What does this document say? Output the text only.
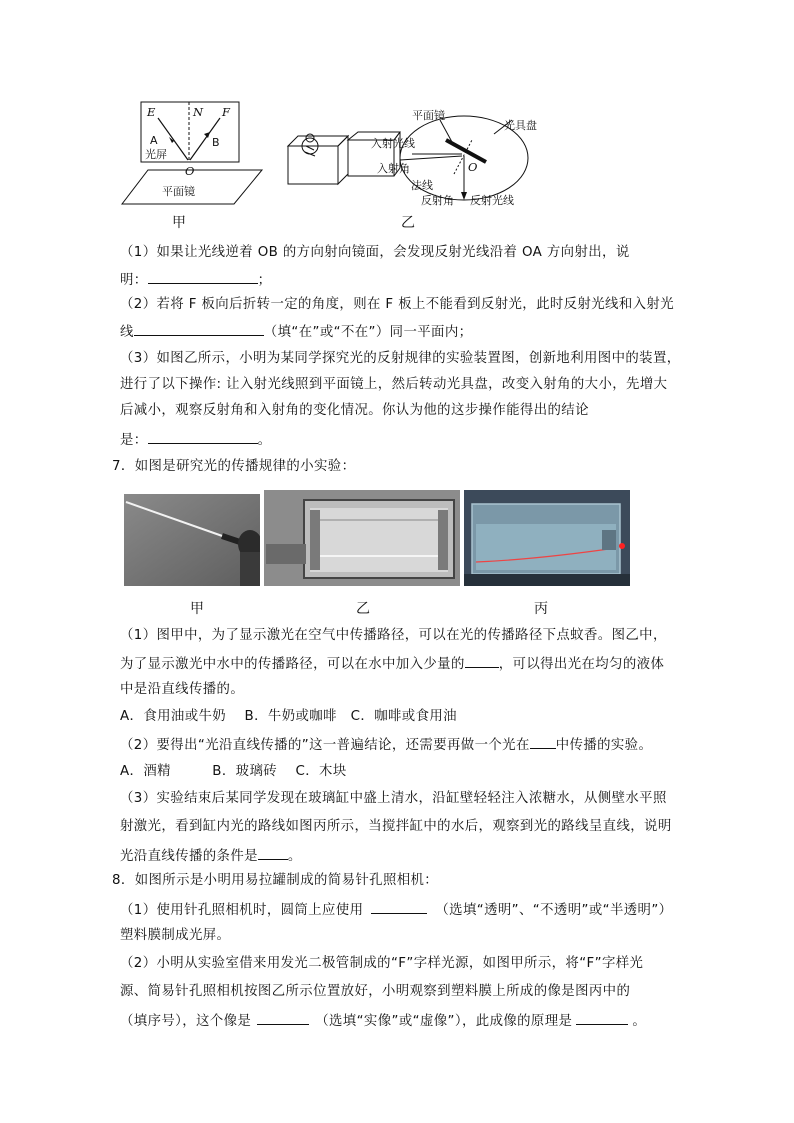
E	N F
A	B
光屏
O
平面镜
甲
平面镜
光具盘
入射光线
入射角
法线
反射角 反射光线
O
乙
（1）如果让光线逆着 OB 的方向射向镜面，会发现反射光线沿着 OA 方向射出，说
明：	；
（2）若将 F 板向后折转一定的角度，则在 F 板上不能看到反射光，此时反射光线和入射光
线	（填“在”或“不在”）同一平面内；
（3）如图乙所示，小明为某同学探究光的反射规律的实验装置图，创新地利用图中的装置，
进行了以下操作: 让入射光线照到平面镜上，然后转动光具盘，改变入射角的大小，先增大
后减小，观察反射角和入射角的变化情况。你认为他的这步操作能得出的结论
是：	。
7．如图是研究光的传播规律的小实验：
甲	乙	丙
（1）图甲中，为了显示激光在空气中传播路径，可以在光的传播路径下点蚊香。图乙中，
为了显示激光中水中的传播路径，可以在水中加入少量的	，可以得出光在均匀的液体
中是沿直线传播的。
A．食用油或牛奶　 B．牛奶或咖啡　C．咖啡或食用油
（2）要得出“光沿直线传播的”这一普遍结论，还需要再做一个光在 中传播的实验。
A．酒精　　　B．玻璃砖　 C．木块
（3）实验结束后某同学发现在玻璃缸中盛上清水，沿缸壁轻轻注入浓糖水，从侧壁水平照
射激光，看到缸内光的路线如图丙所示，当搅拌缸中的水后，观察到光的路线呈直线，说明
光沿直线传播的条件是 。
8．如图所示是小明用易拉罐制成的简易针孔照相机：
（1）使用针孔照相机时，圆筒上应使用	（选填“透明”、“不透明”或“半透明”）
塑料膜制成光屏。
（2）小明从实验室借来用发光二极管制成的“F”字样光源，如图甲所示，将“F”字样光
源、简易针孔照相机按图乙所示位置放好，小明观察到塑料膜上所成的像是图丙中的
（填序号），这个像是	（选填“实像”或“虚像”），此成像的原理是	。
